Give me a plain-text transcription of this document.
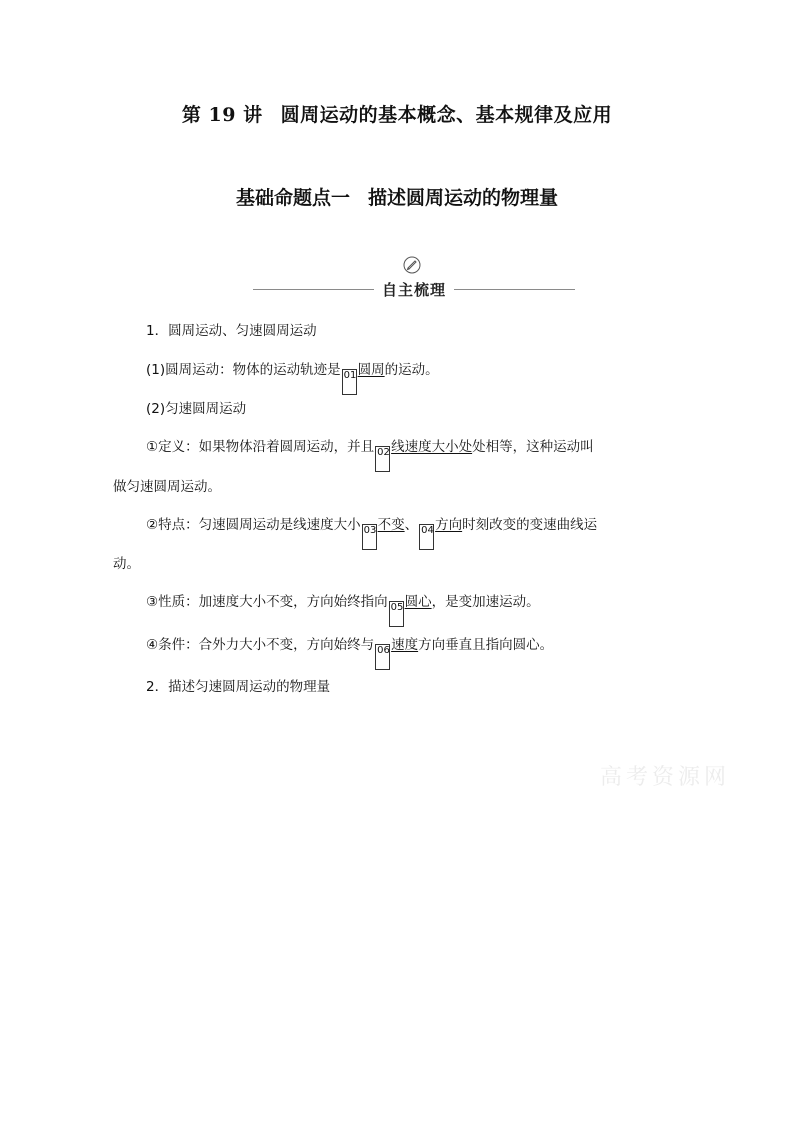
第 19 讲 圆周运动的基本概念、基本规律及应用
基础命题点一 描述圆周运动的物理量
自主梳理
1．圆周运动、匀速圆周运动
(1)圆周运动：物体的运动轨迹是 01圆周的运动。
(2)匀速圆周运动
①定义：如果物体沿着圆周运动，并且 02线速度大小处处相等，这种运动叫
做匀速圆周运动。
②特点：匀速圆周运动是线速度大小 03不变、 04方向时刻改变的变速曲线运
动。
③性质：加速度大小不变，方向始终指向 05圆心，是变加速运动。
④条件：合外力大小不变，方向始终与 06速度方向垂直且指向圆心。
2．描述匀速圆周运动的物理量
高考资源网
